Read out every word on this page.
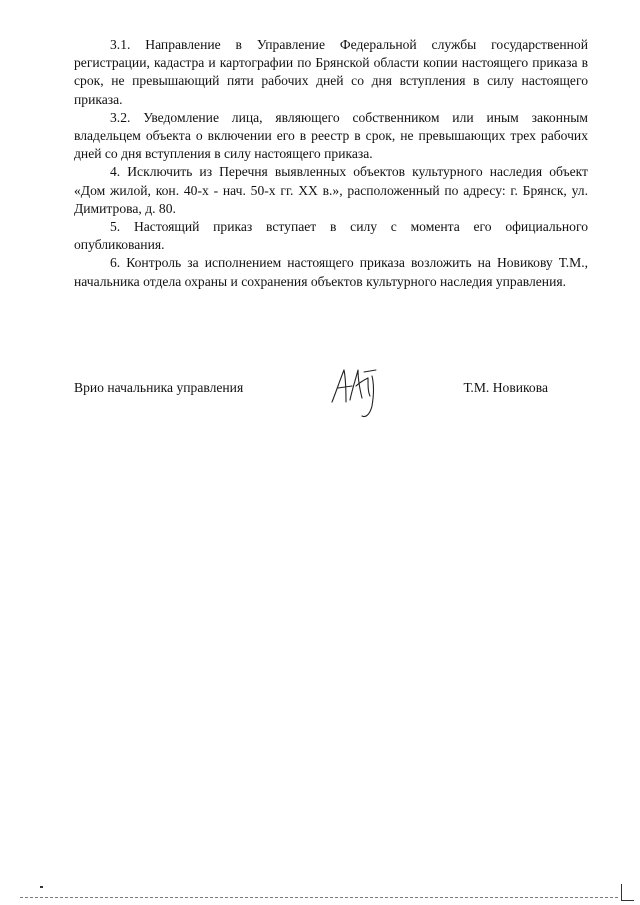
3.1. Направление в Управление Федеральной службы государственной регистрации, кадастра и картографии по Брянской области копии настоящего приказа в срок, не превышающий пяти рабочих дней со дня вступления в силу настоящего приказа.

3.2. Уведомление лица, являющего собственником или иным законным владельцем объекта о включении его в реестр в срок, не превышающих трех рабочих дней со дня вступления в силу настоящего приказа.

4. Исключить из Перечня выявленных объектов культурного наследия объект «Дом жилой, кон. 40-х - нач. 50-х гг. XX в.», расположенный по адресу: г. Брянск, ул. Димитрова, д. 80.

5. Настоящий приказ вступает в силу с момента его официального опубликования.

6. Контроль за исполнением настоящего приказа возложить на Новикову Т.М., начальника отдела охраны и сохранения объектов культурного наследия управления.

Врио начальника управления	Т.М. Новикова
